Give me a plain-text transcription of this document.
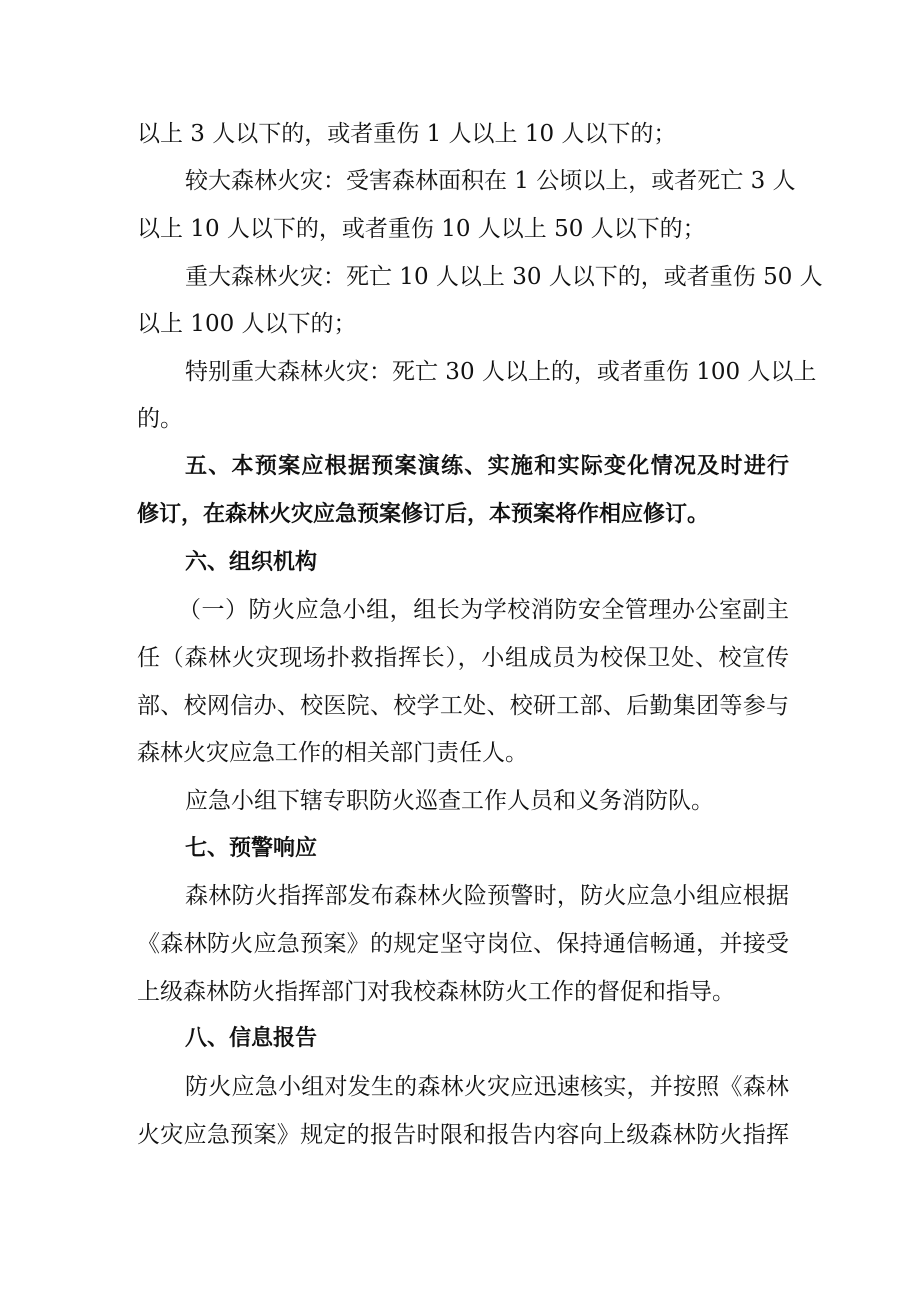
以上 3 人以下的，或者重伤 1 人以上 10 人以下的；
较大森林火灾：受害森林面积在 1 公顷以上，或者死亡 3 人
以上 10 人以下的，或者重伤 10 人以上 50 人以下的；
重大森林火灾：死亡 10 人以上 30 人以下的，或者重伤 50 人
以上 100 人以下的；
特别重大森林火灾：死亡 30 人以上的，或者重伤 100 人以上
的。
五、本预案应根据预案演练、实施和实际变化情况及时进行
修订，在森林火灾应急预案修订后，本预案将作相应修订。
六、组织机构
（一）防火应急小组，组长为学校消防安全管理办公室副主
任（森林火灾现场扑救指挥长），小组成员为校保卫处、校宣传
部、校网信办、校医院、校学工处、校研工部、后勤集团等参与
森林火灾应急工作的相关部门责任人。
应急小组下辖专职防火巡查工作人员和义务消防队。
七、预警响应
森林防火指挥部发布森林火险预警时，防火应急小组应根据
《森林防火应急预案》的规定坚守岗位、保持通信畅通，并接受
上级森林防火指挥部门对我校森林防火工作的督促和指导。
八、信息报告
防火应急小组对发生的森林火灾应迅速核实，并按照《森林
火灾应急预案》规定的报告时限和报告内容向上级森林防火指挥
